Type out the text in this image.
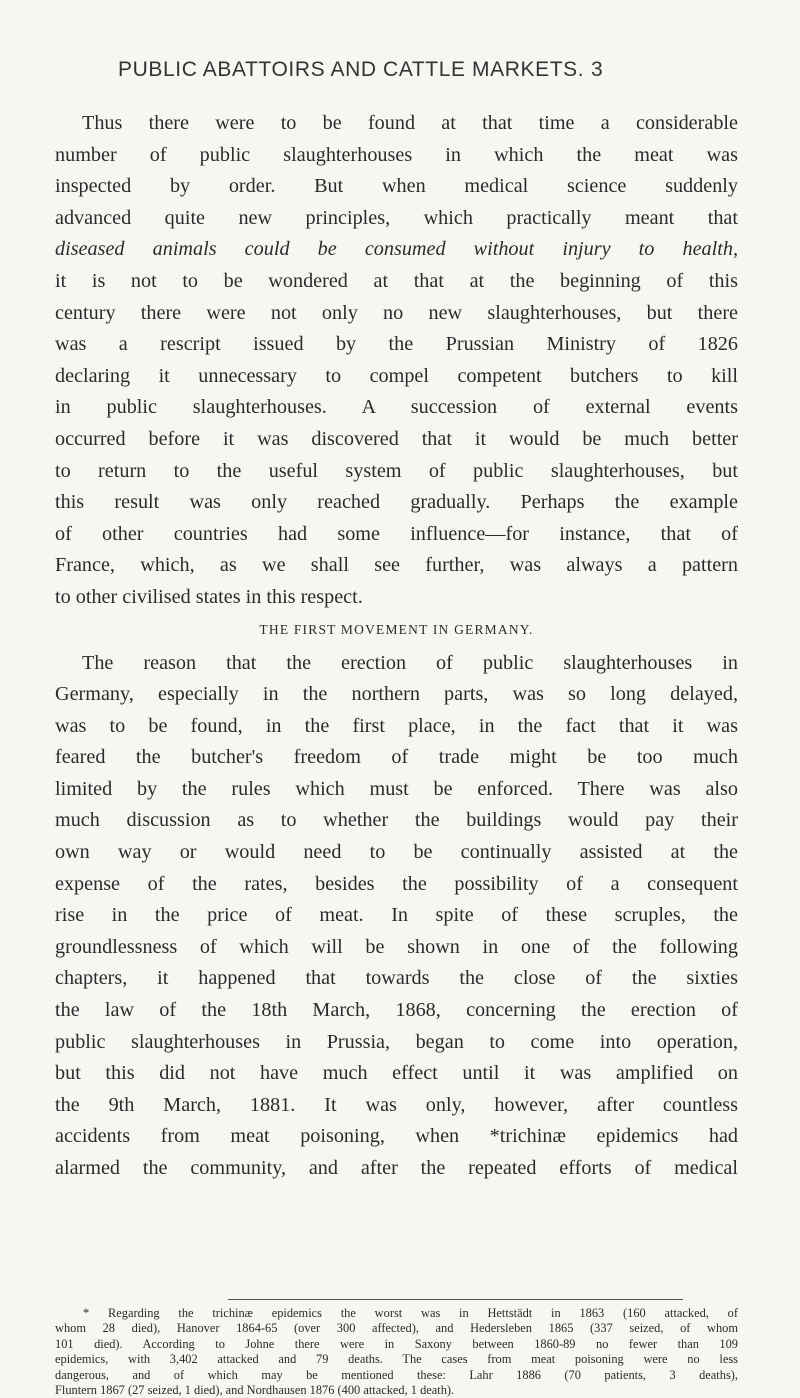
PUBLIC ABATTOIRS AND CATTLE MARKETS. 3
Thus there were to be found at that time a considerable
number of public slaughterhouses in which the meat was
inspected by order. But when medical science suddenly
advanced quite new principles, which practically meant that
diseased animals could be consumed without injury to health,
it is not to be wondered at that at the beginning of this
century there were not only no new slaughterhouses, but there
was a rescript issued by the Prussian Ministry of 1826
declaring it unnecessary to compel competent butchers to kill
in public slaughterhouses. A succession of external events
occurred before it was discovered that it would be much better
to return to the useful system of public slaughterhouses, but
this result was only reached gradually. Perhaps the example
of other countries had some influence—for instance, that of
France, which, as we shall see further, was always a pattern
to other civilised states in this respect.
THE FIRST MOVEMENT IN GERMANY.
The reason that the erection of public slaughterhouses in
Germany, especially in the northern parts, was so long delayed,
was to be found, in the first place, in the fact that it was
feared the butcher's freedom of trade might be too much
limited by the rules which must be enforced. There was also
much discussion as to whether the buildings would pay their
own way or would need to be continually assisted at the
expense of the rates, besides the possibility of a consequent
rise in the price of meat. In spite of these scruples, the
groundlessness of which will be shown in one of the following
chapters, it happened that towards the close of the sixties
the law of the 18th March, 1868, concerning the erection of
public slaughterhouses in Prussia, began to come into operation,
but this did not have much effect until it was amplified on
the 9th March, 1881. It was only, however, after countless
accidents from meat poisoning, when *trichinæ epidemics had
alarmed the community, and after the repeated efforts of medical
* Regarding the trichinæ epidemics the worst was in Hettstädt in 1863 (160 attacked, of
whom 28 died), Hanover 1864-65 (over 300 affected), and Hedersleben 1865 (337 seized, of whom
101 died). According to Johne there were in Saxony between 1860-89 no fewer than 109
epidemics, with 3,402 attacked and 79 deaths. The cases from meat poisoning were no less
dangerous, and of which may be mentioned these: Lahr 1886 (70 patients, 3 deaths),
Fluntern 1867 (27 seized, 1 died), and Nordhausen 1876 (400 attacked, 1 death).
